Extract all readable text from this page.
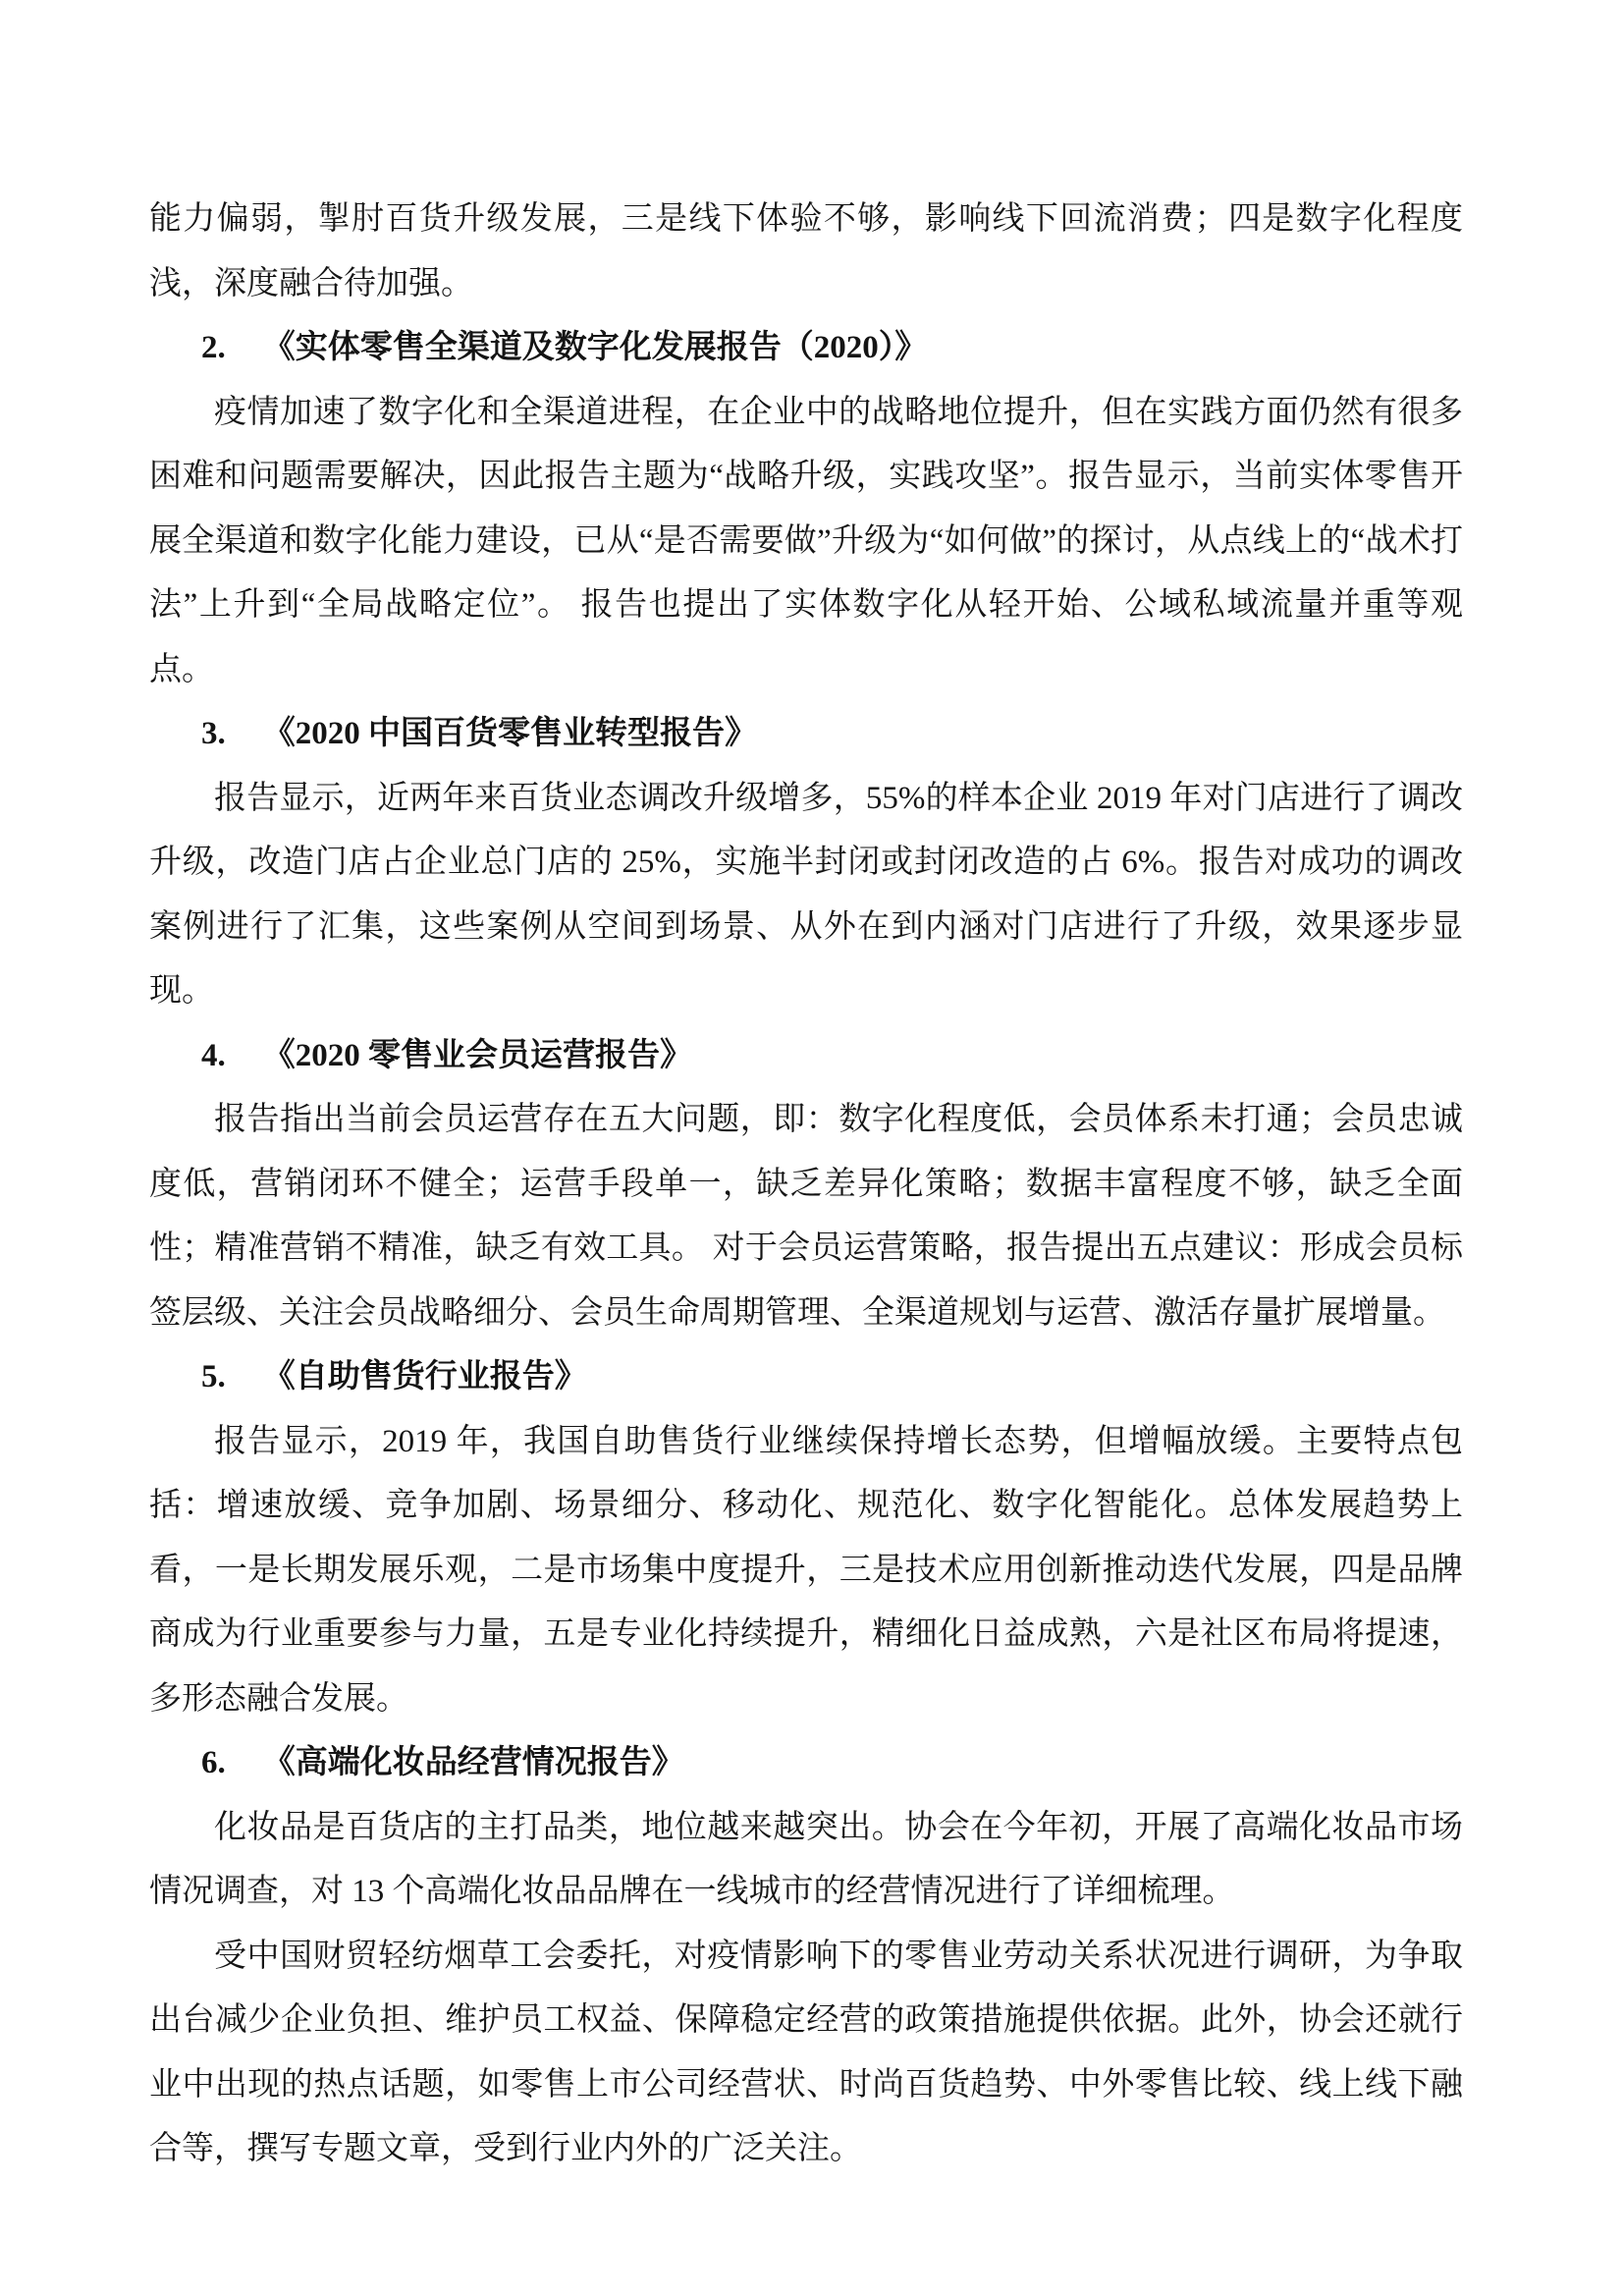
能力偏弱，掣肘百货升级发展，三是线下体验不够，影响线下回流消费；四是数字化程度浅，深度融合待加强。

2. 《实体零售全渠道及数字化发展报告（2020）》

疫情加速了数字化和全渠道进程，在企业中的战略地位提升，但在实践方面仍然有很多困难和问题需要解决，因此报告主题为“战略升级，实践攻坚”。报告显示，当前实体零售开展全渠道和数字化能力建设，已从“是否需要做”升级为“如何做”的探讨，从点线上的“战术打法”上升到“全局战略定位”。 报告也提出了实体数字化从轻开始、公域私域流量并重等观点。

3. 《2020 中国百货零售业转型报告》

报告显示，近两年来百货业态调改升级增多，55%的样本企业 2019 年对门店进行了调改升级，改造门店占企业总门店的 25%，实施半封闭或封闭改造的占 6%。报告对成功的调改案例进行了汇集，这些案例从空间到场景、从外在到内涵对门店进行了升级，效果逐步显现。

4. 《2020 零售业会员运营报告》

报告指出当前会员运营存在五大问题，即：数字化程度低，会员体系未打通；会员忠诚度低，营销闭环不健全；运营手段单一，缺乏差异化策略；数据丰富程度不够，缺乏全面性；精准营销不精准，缺乏有效工具。 对于会员运营策略，报告提出五点建议：形成会员标签层级、关注会员战略细分、会员生命周期管理、全渠道规划与运营、激活存量扩展增量。

5. 《自助售货行业报告》

报告显示，2019 年，我国自助售货行业继续保持增长态势，但增幅放缓。主要特点包括：增速放缓、竞争加剧、场景细分、移动化、规范化、数字化智能化。总体发展趋势上看，一是长期发展乐观，二是市场集中度提升，三是技术应用创新推动迭代发展，四是品牌商成为行业重要参与力量，五是专业化持续提升，精细化日益成熟，六是社区布局将提速，多形态融合发展。

6. 《高端化妆品经营情况报告》

化妆品是百货店的主打品类，地位越来越突出。协会在今年初，开展了高端化妆品市场情况调查，对 13 个高端化妆品品牌在一线城市的经营情况进行了详细梳理。

受中国财贸轻纺烟草工会委托，对疫情影响下的零售业劳动关系状况进行调研，为争取出台减少企业负担、维护员工权益、保障稳定经营的政策措施提供依据。此外，协会还就行业中出现的热点话题，如零售上市公司经营状、时尚百货趋势、中外零售比较、线上线下融合等，撰写专题文章，受到行业内外的广泛关注。
